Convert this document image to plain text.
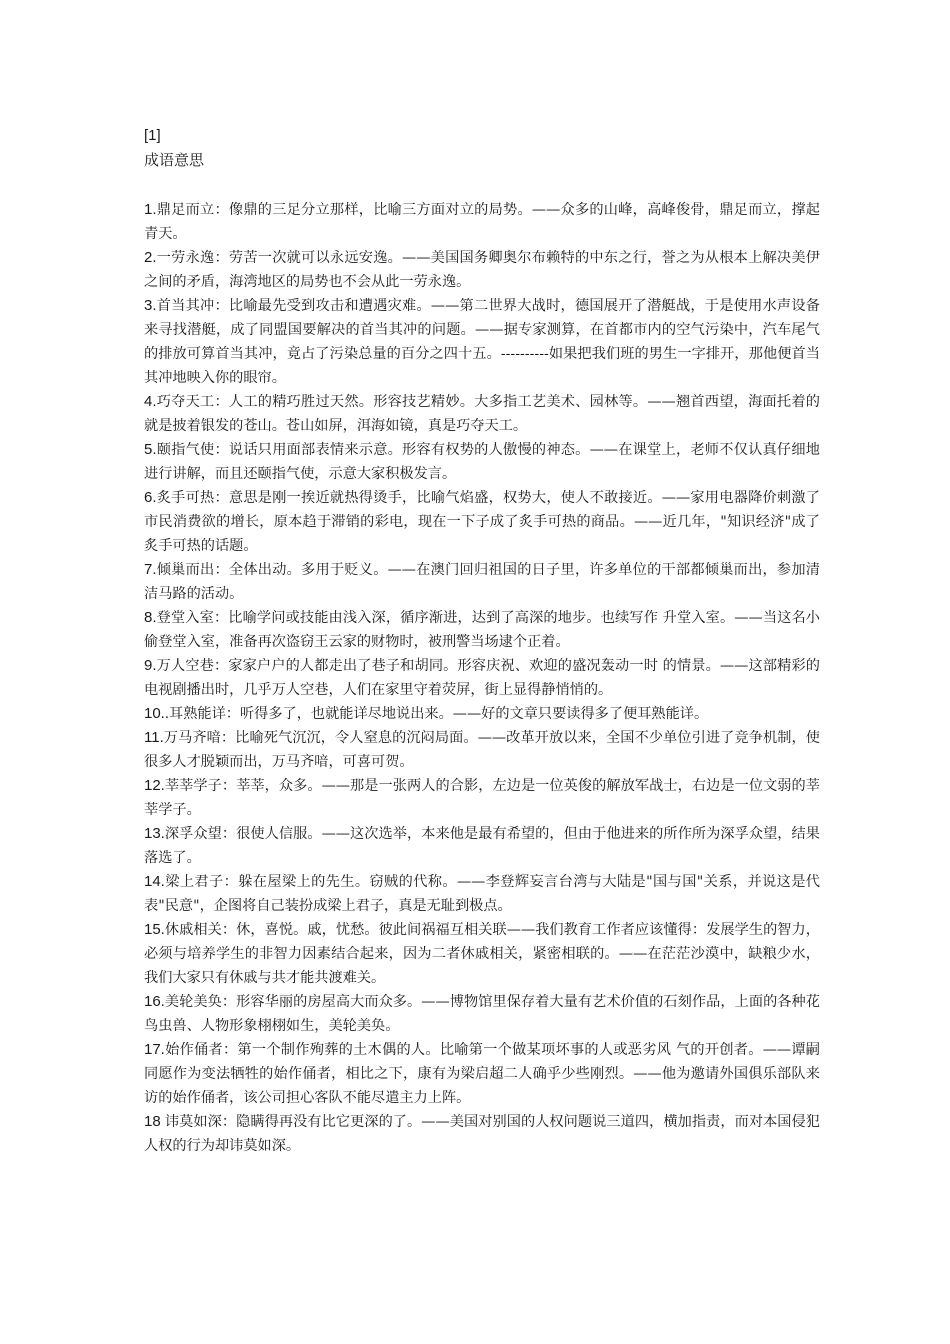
[1]

成语意思

1.鼎足而立：像鼎的三足分立那样，比喻三方面对立的局势。——众多的山峰，高峰俊骨，鼎足而立，撑起青天。

2.一劳永逸：劳苦一次就可以永远安逸。——美国国务卿奥尔布赖特的中东之行，誉之为从根本上解决美伊之间的矛盾，海湾地区的局势也不会从此一劳永逸。

3.首当其冲：比喻最先受到攻击和遭遇灾难。——第二世界大战时，德国展开了潜艇战，于是使用水声设备来寻找潜艇，成了同盟国要解决的首当其冲的问题。——据专家测算，在首都市内的空气污染中，汽车尾气的排放可算首当其冲，竟占了污染总量的百分之四十五。----------如果把我们班的男生一字排开，那他便首当其冲地映入你的眼帘。

4.巧夺天工：人工的精巧胜过天然。形容技艺精妙。大多指工艺美术、园林等。——翘首西望，海面托着的就是披着银发的苍山。苍山如屏，洱海如镜，真是巧夺天工。

5.颐指气使：说话只用面部表情来示意。形容有权势的人傲慢的神态。——在课堂上，老师不仅认真仔细地进行讲解，而且还颐指气使，示意大家积极发言。

6.炙手可热：意思是刚一挨近就热得烫手，比喻气焰盛，权势大，使人不敢接近。——家用电器降价刺激了市民消费欲的增长，原本趋于滞销的彩电，现在一下子成了炙手可热的商品。——近几年，"知识经济"成了炙手可热的话题。

7.倾巢而出：全体出动。多用于贬义。——在澳门回归祖国的日子里，许多单位的干部都倾巢而出，参加清洁马路的活动。

8.登堂入室：比喻学问或技能由浅入深，循序渐进，达到了高深的地步。也续写作 升堂入室。——当这名小偷登堂入室，准备再次盗窃王云家的财物时，被刑警当场逮个正着。

9.万人空巷：家家户户的人都走出了巷子和胡同。形容庆祝、欢迎的盛况轰动一时 的情景。——这部精彩的电视剧播出时，几乎万人空巷，人们在家里守着荧屏，街上显得静悄悄的。

10..耳熟能详：听得多了，也就能详尽地说出来。——好的文章只要读得多了便耳熟能详。

11.万马齐喑：比喻死气沉沉，令人窒息的沉闷局面。——改革开放以来，全国不少单位引进了竞争机制，使很多人才脱颖而出，万马齐喑，可喜可贺。

12.莘莘学子：莘莘，众多。——那是一张两人的合影，左边是一位英俊的解放军战士，右边是一位文弱的莘莘学子。

13.深孚众望：很使人信服。——这次选举，本来他是最有希望的，但由于他进来的所作所为深孚众望，结果落选了。

14.梁上君子：躲在屋梁上的先生。窃贼的代称。——李登辉妄言台湾与大陆是"国与国"关系，并说这是代表"民意"，企图将自己装扮成梁上君子，真是无耻到极点。

15.休戚相关：休，喜悦。戚，忧愁。彼此间祸福互相关联——我们教育工作者应该懂得：发展学生的智力，必须与培养学生的非智力因素结合起来，因为二者休戚相关，紧密相联的。——在茫茫沙漠中，缺粮少水，我们大家只有休戚与共才能共渡难关。

16.美轮美奂：形容华丽的房屋高大而众多。——博物馆里保存着大量有艺术价值的石刻作品，上面的各种花鸟虫兽、人物形象栩栩如生，美轮美奂。

17.始作俑者：第一个制作殉葬的土木偶的人。比喻第一个做某项坏事的人或恶劣风 气的开创者。——谭嗣同愿作为变法牺牲的始作俑者，相比之下，康有为梁启超二人确乎少些刚烈。——他为邀请外国俱乐部队来访的始作俑者，该公司担心客队不能尽遣主力上阵。

18 讳莫如深：隐瞒得再没有比它更深的了。——美国对别国的人权问题说三道四，横加指责，而对本国侵犯人权的行为却讳莫如深。
